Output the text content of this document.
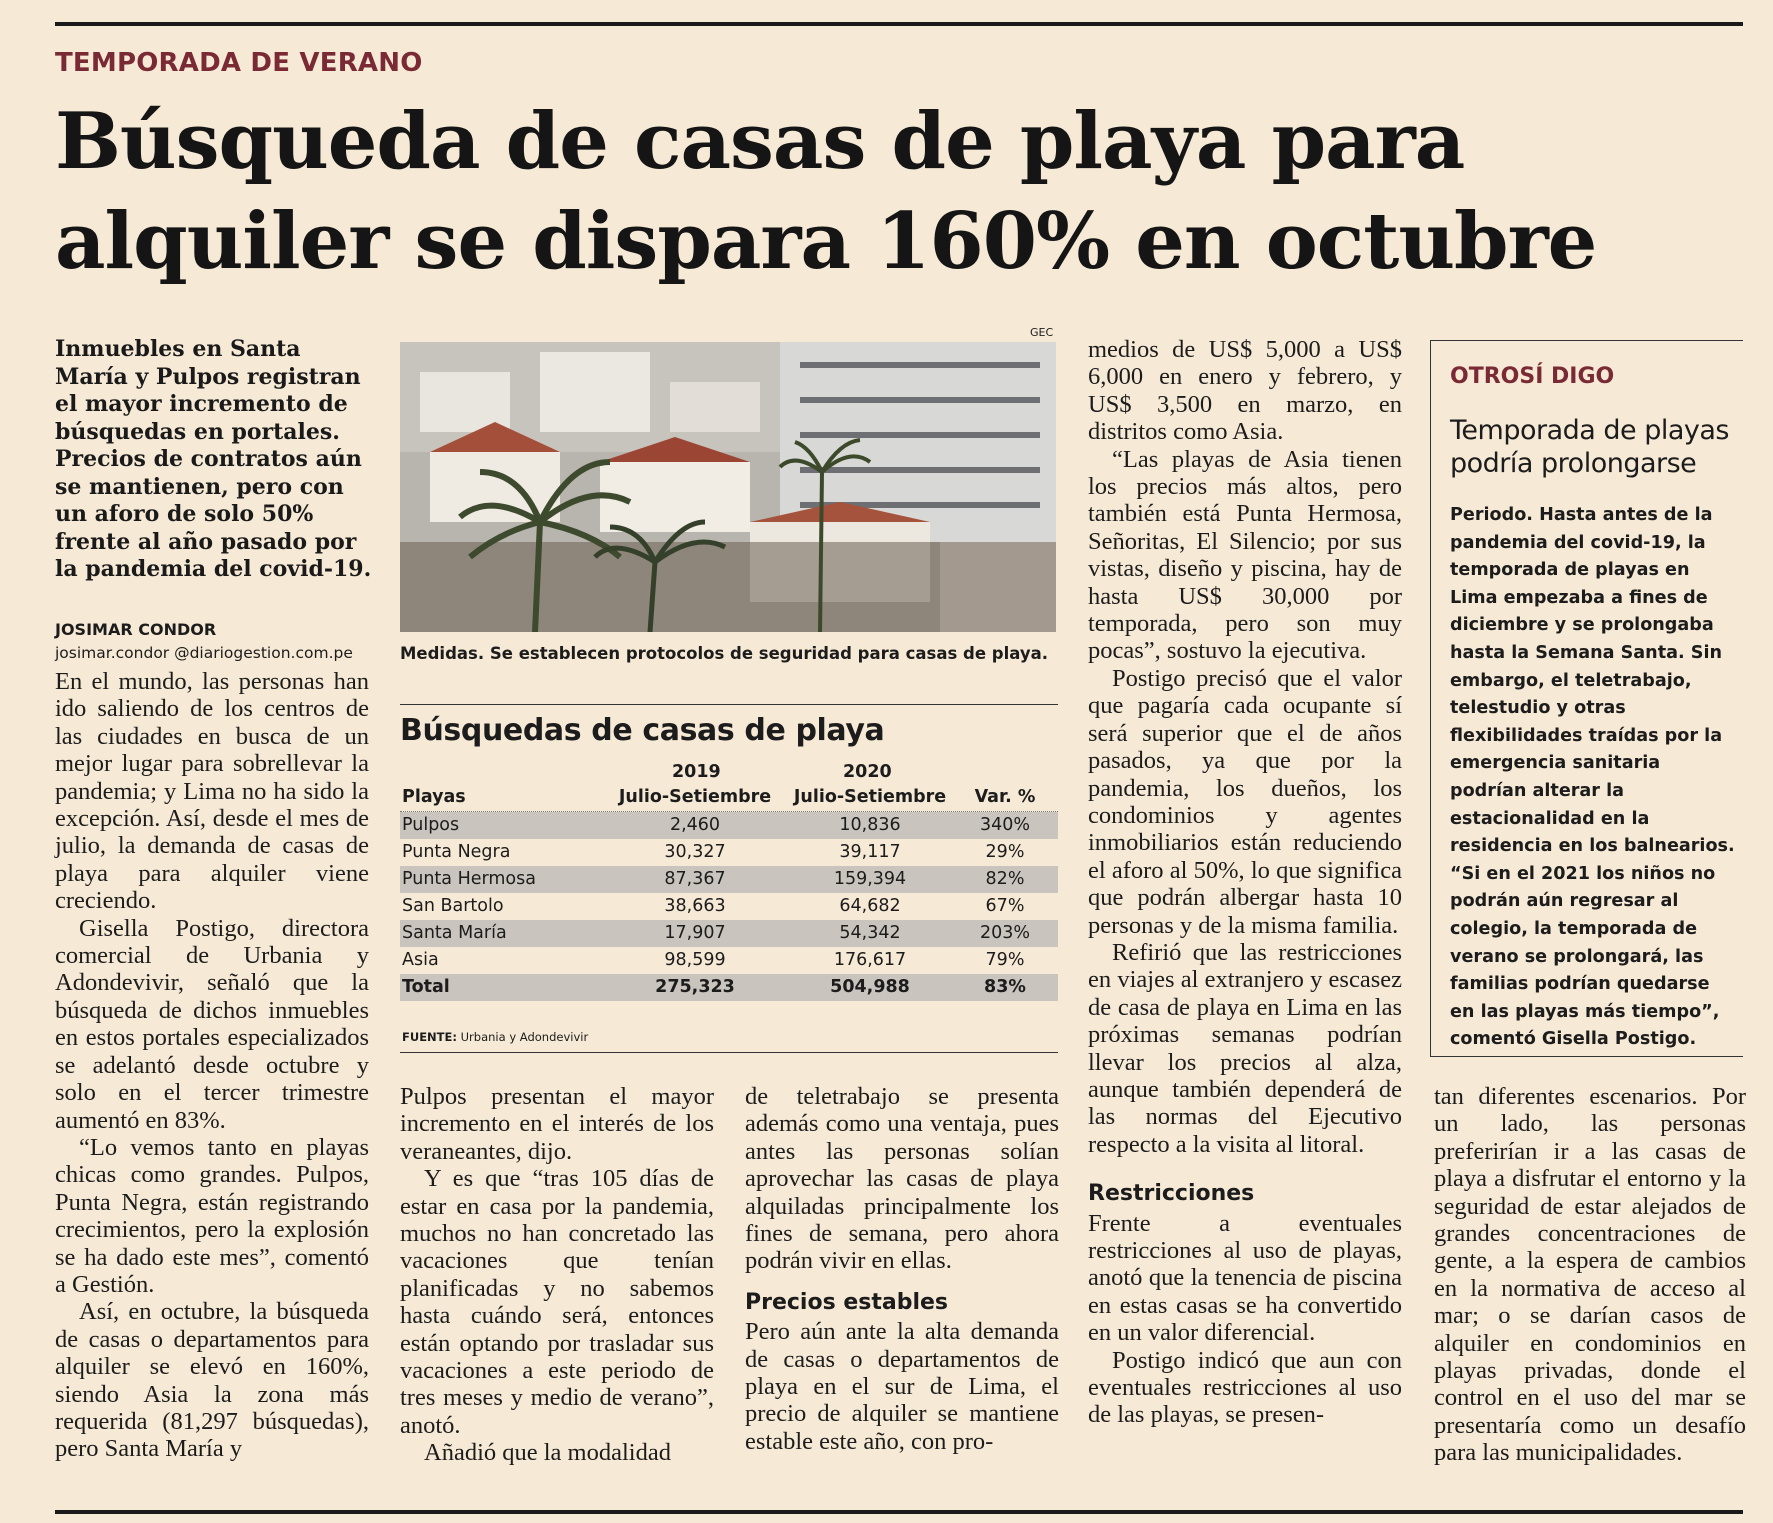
TEMPORADA DE VERANO
Búsqueda de casas de playa para alquiler se dispara 160% en octubre
Inmuebles en Santa María y Pulpos registran el mayor incremento de búsquedas en portales. Precios de contratos aún se mantienen, pero con un aforo de solo 50% frente al año pasado por la pandemia del covid-19.
JOSIMAR CONDOR
josimar.condor @diariogestion.com.pe

En el mundo, las personas han ido saliendo de los centros de las ciudades en busca de un mejor lugar para sobrellevar la pandemia; y Lima no ha sido la excepción. Así, desde el mes de julio, la demanda de casas de playa para alquiler viene creciendo.

Gisella Postigo, directora comercial de Urbania y Adondevivir, señaló que la búsqueda de dichos inmuebles en estos portales especializados se adelantó desde octubre y solo en el tercer trimestre aumentó en 83%.

“Lo vemos tanto en playas chicas como grandes. Pulpos, Punta Negra, están registrando crecimientos, pero la explosión se ha dado este mes”, comentó a Gestión.

Así, en octubre, la búsqueda de casas o departamentos para alquiler se elevó en 160%, siendo Asia la zona más requerida (81,297 búsquedas), pero Santa María y

GEC
Medidas. Se establecen protocolos de seguridad para casas de playa.
Búsquedas de casas de playa
2019	2020
Playas	Julio-Setiembre	Julio-Setiembre	Var. %
Pulpos	2,460	10,836	340%
Punta Negra	30,327	39,117	29%
Punta Hermosa	87,367	159,394	82%
San Bartolo	38,663	64,682	67%
Santa María	17,907	54,342	203%
Asia	98,599	176,617	79%
Total	275,323	504,988	83%
FUENTE: Urbania y Adondevivir

Pulpos presentan el mayor incremento en el interés de los veraneantes, dijo.

Y es que “tras 105 días de estar en casa por la pandemia, muchos no han concretado las vacaciones que tenían planificadas y no sabemos hasta cuándo será, entonces están optando por trasladar sus vacaciones a este periodo de tres meses y medio de verano”, anotó.

Añadió que la modalidad

de teletrabajo se presenta además como una ventaja, pues antes las personas solían aprovechar las casas de playa alquiladas principalmente los fines de semana, pero ahora podrán vivir en ellas.

Precios estables

Pero aún ante la alta demanda de casas o departamentos de playa en el sur de Lima, el precio de alquiler se mantiene estable este año, con pro-

medios de US$ 5,000 a US$ 6,000 en enero y febrero, y US$ 3,500 en marzo, en distritos como Asia.

“Las playas de Asia tienen los precios más altos, pero también está Punta Hermosa, Señoritas, El Silencio; por sus vistas, diseño y piscina, hay de hasta US$ 30,000 por temporada, pero son muy pocas”, sostuvo la ejecutiva.

Postigo precisó que el valor que pagaría cada ocupante sí será superior que el de años pasados, ya que por la pandemia, los dueños, los condominios y agentes inmobiliarios están reduciendo el aforo al 50%, lo que significa que podrán albergar hasta 10 personas y de la misma familia.

Refirió que las restricciones en viajes al extranjero y escasez de casa de playa en Lima en las próximas semanas podrían llevar los precios al alza, aunque también dependerá de las normas del Ejecutivo respecto a la visita al litoral.

Restricciones

Frente a eventuales restricciones al uso de playas, anotó que la tenencia de piscina en estas casas se ha convertido en un valor diferencial.

Postigo indicó que aun con eventuales restricciones al uso de las playas, se presen-

OTROSÍ DIGO
Temporada de playas podría prolongarse
Periodo. Hasta antes de la pandemia del covid-19, la temporada de playas en Lima empezaba a fines de diciembre y se prolongaba hasta la Semana Santa. Sin embargo, el teletrabajo, telestudio y otras flexibilidades traídas por la emergencia sanitaria podrían alterar la estacionalidad en la residencia en los balnearios. “Si en el 2021 los niños no podrán aún regresar al colegio, la temporada de verano se prolongará, las familias podrían quedarse en las playas más tiempo”, comentó Gisella Postigo.

tan diferentes escenarios. Por un lado, las personas preferirían ir a las casas de playa a disfrutar el entorno y la seguridad de estar alejados de grandes concentraciones de gente, a la espera de cambios en la normativa de acceso al mar; o se darían casos de alquiler en condominios en playas privadas, donde el control en el uso del mar se presentaría como un desafío para las municipalidades.
